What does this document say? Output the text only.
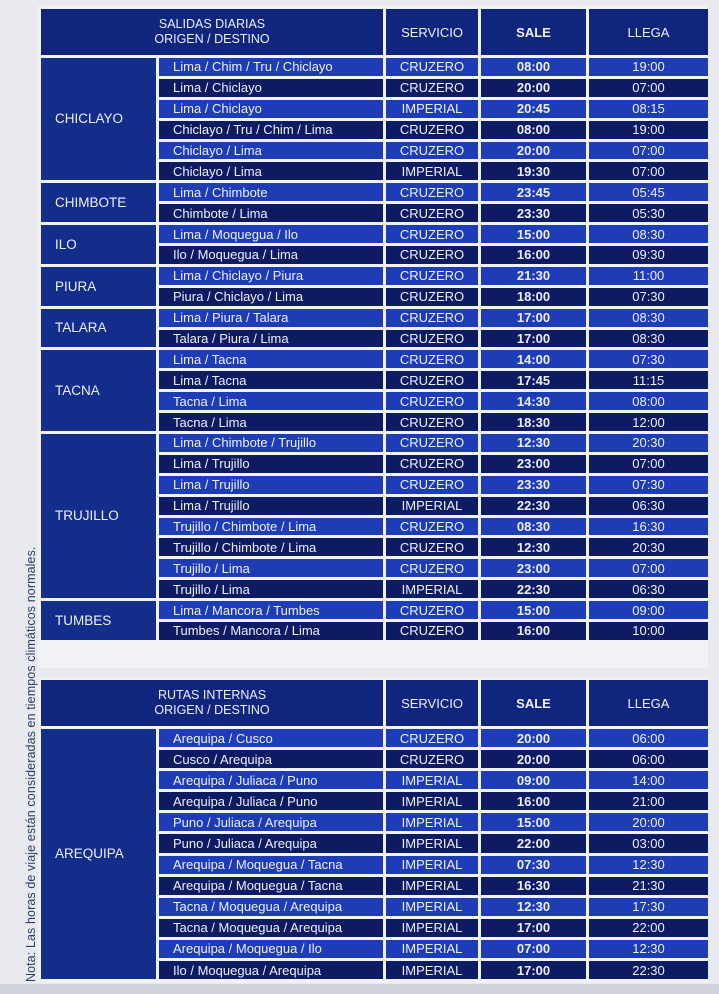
Nota: Las horas de viaje están consideradas en tiempos climáticos normales.
SALIDAS DIARIAS
ORIGEN / DESTINO		SERVICIO	SALE	LLEGA
CHICLAYO	Lima / Chim / Tru / Chiclayo	CRUZERO	08:00	19:00
	Lima / Chiclayo	CRUZERO	20:00	07:00
	Lima / Chiclayo	IMPERIAL	20:45	08:15
	Chiclayo / Tru / Chim / Lima	CRUZERO	08:00	19:00
	Chiclayo / Lima	CRUZERO	20:00	07:00
	Chiclayo / Lima	IMPERIAL	19:30	07:00
CHIMBOTE	Lima / Chimbote	CRUZERO	23:45	05:45
	Chimbote / Lima	CRUZERO	23:30	05:30
ILO	Lima / Moquegua / Ilo	CRUZERO	15:00	08:30
	Ilo / Moquegua / Lima	CRUZERO	16:00	09:30
PIURA	Lima / Chiclayo / Piura	CRUZERO	21:30	11:00
	Piura / Chiclayo / Lima	CRUZERO	18:00	07:30
TALARA	Lima / Piura / Talara	CRUZERO	17:00	08:30
	Talara / Piura / Lima	CRUZERO	17:00	08:30
TACNA	Lima / Tacna	CRUZERO	14:00	07:30
	Lima / Tacna	CRUZERO	17:45	11:15
	Tacna / Lima	CRUZERO	14:30	08:00
	Tacna / Lima	CRUZERO	18:30	12:00
TRUJILLO	Lima / Chimbote / Trujillo	CRUZERO	12:30	20:30
	Lima / Trujillo	CRUZERO	23:00	07:00
	Lima / Trujillo	CRUZERO	23:30	07:30
	Lima / Trujillo	IMPERIAL	22:30	06:30
	Trujillo / Chimbote / Lima	CRUZERO	08:30	16:30
	Trujillo / Chimbote / Lima	CRUZERO	12:30	20:30
	Trujillo / Lima	CRUZERO	23:00	07:00
	Trujillo / Lima	IMPERIAL	22:30	06:30
TUMBES	Lima / Mancora / Tumbes	CRUZERO	15:00	09:00
	Tumbes / Mancora / Lima	CRUZERO	16:00	10:00
RUTAS INTERNAS
ORIGEN / DESTINO		SERVICIO	SALE	LLEGA
AREQUIPA	Arequipa / Cusco	CRUZERO	20:00	06:00
	Cusco / Arequipa	CRUZERO	20:00	06:00
	Arequipa / Juliaca / Puno	IMPERIAL	09:00	14:00
	Arequipa / Juliaca / Puno	IMPERIAL	16:00	21:00
	Puno / Juliaca / Arequipa	IMPERIAL	15:00	20:00
	Puno / Juliaca / Arequipa	IMPERIAL	22:00	03:00
	Arequipa / Moquegua / Tacna	IMPERIAL	07:30	12:30
	Arequipa / Moquegua / Tacna	IMPERIAL	16:30	21:30
	Tacna / Moquegua / Arequipa	IMPERIAL	12:30	17:30
	Tacna / Moquegua / Arequipa	IMPERIAL	17:00	22:00
	Arequipa / Moquegua / Ilo	IMPERIAL	07:00	12:30
	Ilo / Moquegua / Arequipa	IMPERIAL	17:00	22:30
